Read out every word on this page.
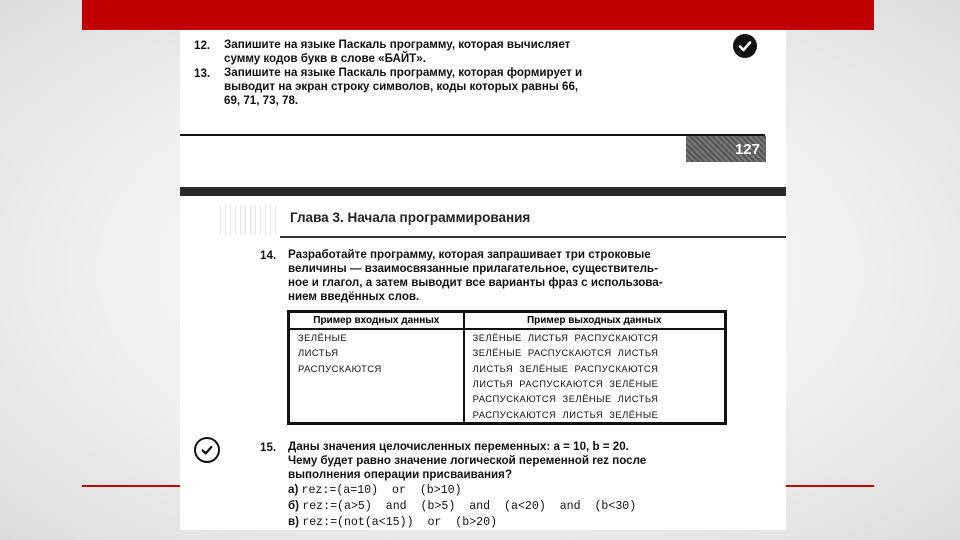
12. Запишите на языке Паскаль программу, которая вычисляет
сумму кодов букв в слове «БАЙТ».
13. Запишите на языке Паскаль программу, которая формирует и
выводит на экран строку символов, коды которых равны 66,
69, 71, 73, 78.
127
Глава 3. Начала программирования
14. Разработайте программу, которая запрашивает три строковые
величины — взаимосвязанные прилагательное, существитель-
ное и глагол, а затем выводит все варианты фраз с использова-
нием введённых слов.
Пример входных данных	Пример выходных данных
ЗЕЛЁНЫЕ	ЗЕЛЁНЫЕ ЛИСТЬЯ РАСПУСКАЮТСЯ
ЛИСТЬЯ	ЗЕЛЁНЫЕ РАСПУСКАЮТСЯ ЛИСТЬЯ
РАСПУСКАЮТСЯ	ЛИСТЬЯ ЗЕЛЁНЫЕ РАСПУСКАЮТСЯ
	ЛИСТЬЯ РАСПУСКАЮТСЯ ЗЕЛЁНЫЕ
	РАСПУСКАЮТСЯ ЗЕЛЁНЫЕ ЛИСТЬЯ
	РАСПУСКАЮТСЯ ЛИСТЬЯ ЗЕЛЁНЫЕ
15. Даны значения целочисленных переменных: a = 10, b = 20.
Чему будет равно значение логической переменной rez после
выполнения операции присваивания?
а) rez:=(a=10)  or  (b>10)
б) rez:=(a>5)  and  (b>5)  and  (a<20)  and  (b<30)
в) rez:=(not(a<15))  or  (b>20)
